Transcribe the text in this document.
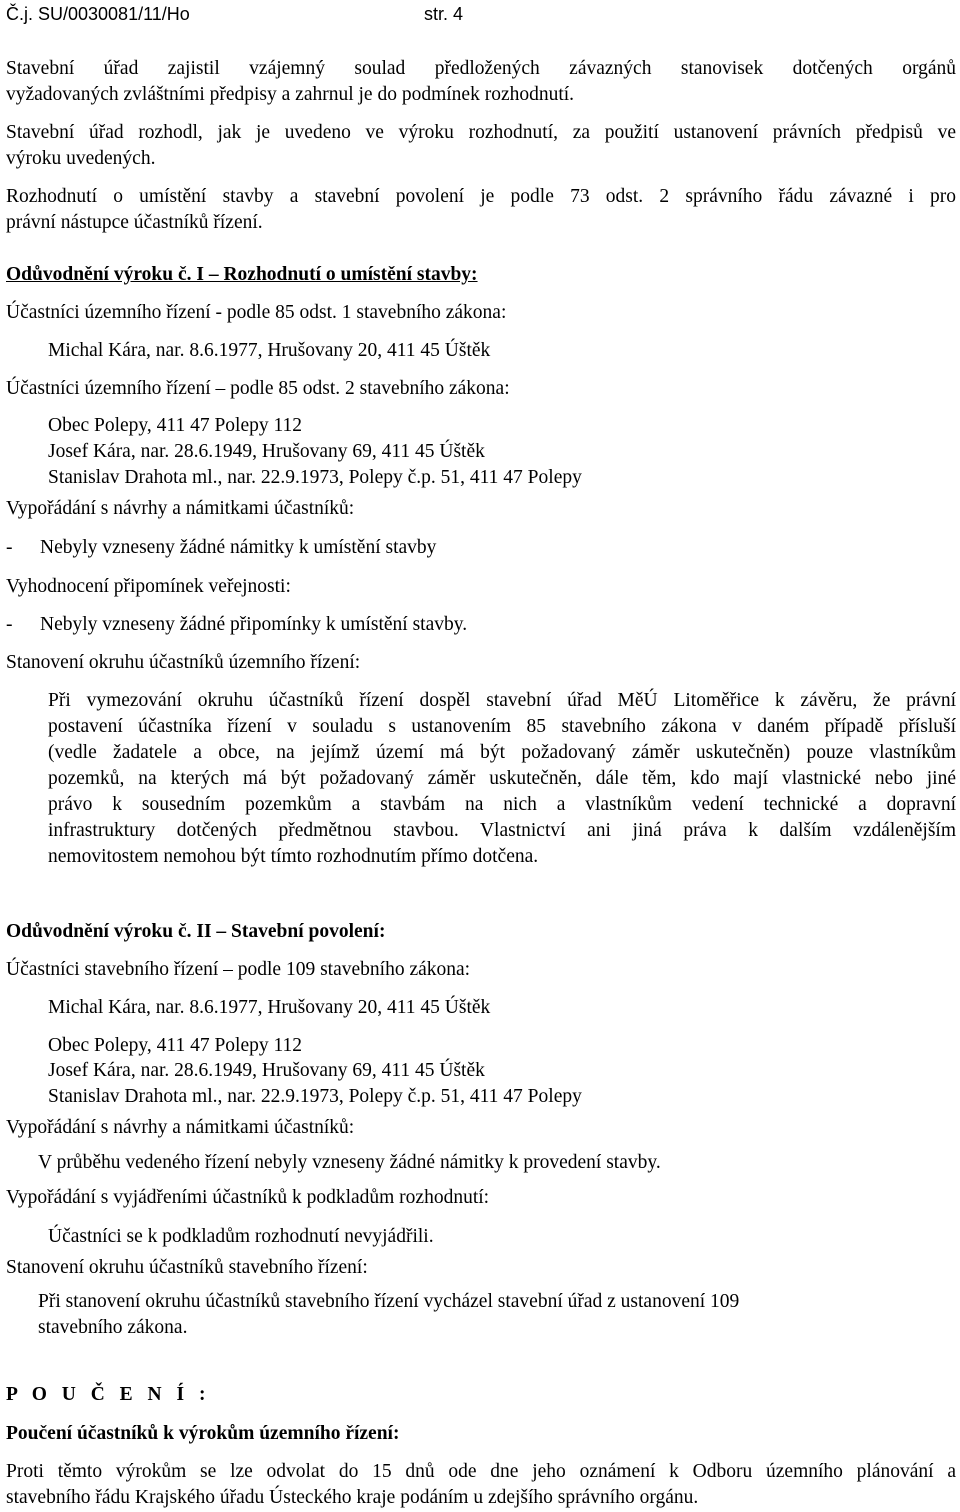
Č.j. SU/0030081/11/Ho	str. 4
Stavební úřad zajistil vzájemný soulad předložených závazných stanovisek dotčených orgánů
vyžadovaných zvláštními předpisy a zahrnul je do podmínek rozhodnutí.
Stavební úřad rozhodl, jak je uvedeno ve výroku rozhodnutí, za použití ustanovení právních předpisů ve
výroku uvedených.
Rozhodnutí o umístění stavby a stavební povolení je podle 73 odst. 2 správního řádu závazné i pro
právní nástupce účastníků řízení.
Odůvodnění výroku č. I – Rozhodnutí o umístění stavby:
Účastníci územního řízení - podle 85 odst. 1 stavebního zákona:
Michal Kára, nar. 8.6.1977, Hrušovany 20, 411 45 Úštěk
Účastníci územního řízení – podle 85 odst. 2 stavebního zákona:
Obec Polepy, 411 47 Polepy 112
Josef Kára, nar. 28.6.1949, Hrušovany 69, 411 45 Úštěk
Stanislav Drahota ml., nar. 22.9.1973, Polepy č.p. 51, 411 47 Polepy
Vypořádání s návrhy a námitkami účastníků:
- Nebyly vzneseny žádné námitky k umístění stavby
Vyhodnocení připomínek veřejnosti:
- Nebyly vzneseny žádné připomínky k umístění stavby.
Stanovení okruhu účastníků územního řízení:
Při vymezování okruhu účastníků řízení dospěl stavební úřad MěÚ Litoměřice k závěru, že právní
postavení účastníka řízení v souladu s ustanovením 85 stavebního zákona v daném případě přísluší
(vedle žadatele a obce, na jejímž území má být požadovaný záměr uskutečněn) pouze vlastníkům
pozemků, na kterých má být požadovaný záměr uskutečněn, dále těm, kdo mají vlastnické nebo jiné
právo k sousedním pozemkům a stavbám na nich a vlastníkům vedení technické a dopravní
infrastruktury dotčených předmětnou stavbou. Vlastnictví ani jiná práva k dalším vzdálenějším
nemovitostem nemohou být tímto rozhodnutím přímo dotčena.
Odůvodnění výroku č. II – Stavební povolení:
Účastníci stavebního řízení – podle 109 stavebního zákona:
Michal Kára, nar. 8.6.1977, Hrušovany 20, 411 45 Úštěk
Obec Polepy, 411 47 Polepy 112
Josef Kára, nar. 28.6.1949, Hrušovany 69, 411 45 Úštěk
Stanislav Drahota ml., nar. 22.9.1973, Polepy č.p. 51, 411 47 Polepy
Vypořádání s návrhy a námitkami účastníků:
V průběhu vedeného řízení nebyly vzneseny žádné námitky k provedení stavby.
Vypořádání s vyjádřeními účastníků k podkladům rozhodnutí:
Účastníci se k podkladům rozhodnutí nevyjádřili.
Stanovení okruhu účastníků stavebního řízení:
Při stanovení okruhu účastníků stavebního řízení vycházel stavební úřad z ustanovení 109
stavebního zákona.
P O U Č E N Í :
Poučení účastníků k výrokům územního řízení:
Proti těmto výrokům se lze odvolat do 15 dnů ode dne jeho oznámení k Odboru územního plánování a
stavebního řádu Krajského úřadu Ústeckého kraje podáním u zdejšího správního orgánu.
